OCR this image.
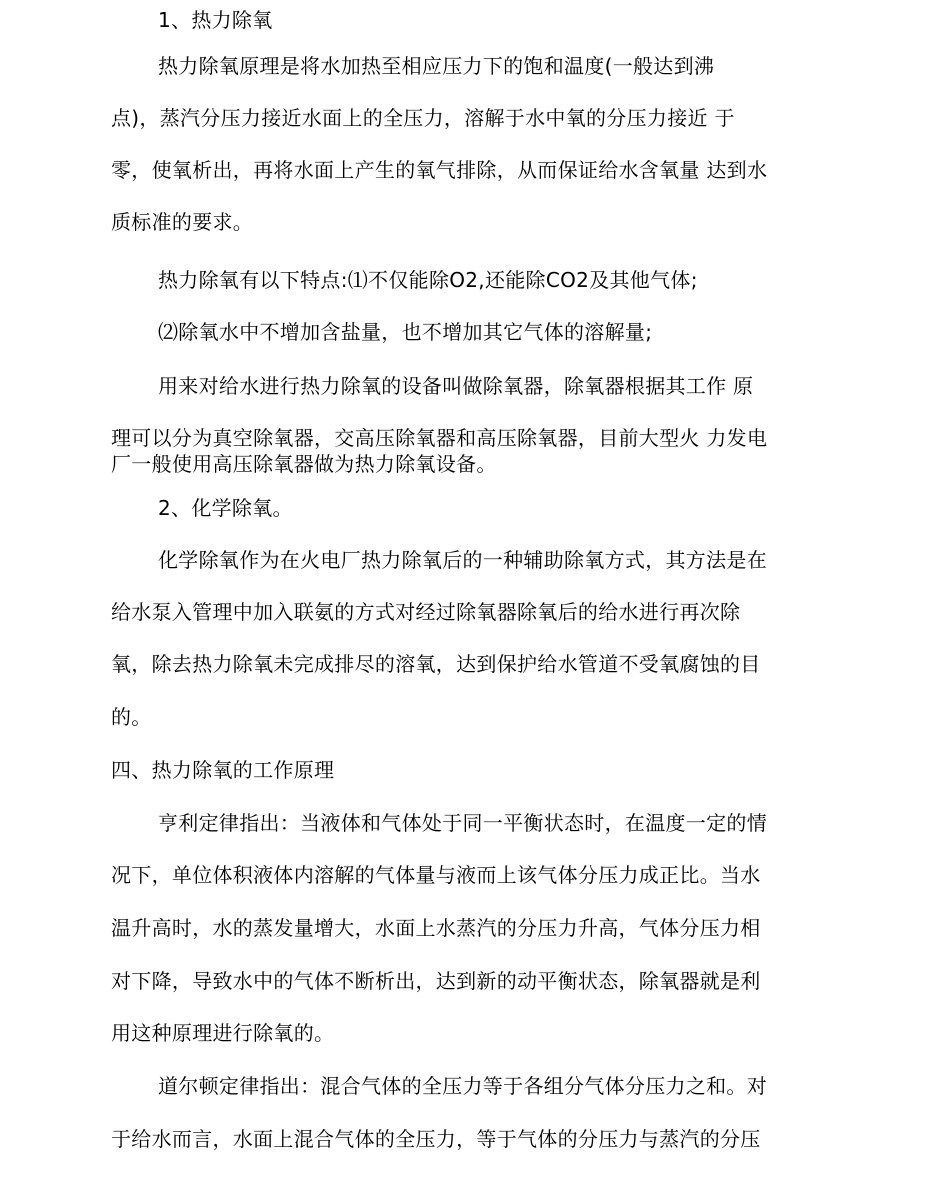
1、热力除氧
热力除氧原理是将水加热至相应压力下的饱和温度(一般达到沸
点)，蒸汽分压力接近水面上的全压力，溶解于水中氧的分压力接近 于
零，使氧析出，再将水面上产生的氧气排除，从而保证给水含氧量 达到水
质标准的要求。
热力除氧有以下特点:⑴不仅能除O2,还能除CO2及其他气体;
⑵除氧水中不增加含盐量，也不增加其它气体的溶解量;
用来对给水进行热力除氧的设备叫做除氧器，除氧器根据其工作 原
理可以分为真空除氧器，交高压除氧器和高压除氧器，目前大型火 力发电
厂一般使用高压除氧器做为热力除氧设备。
2、化学除氧。
化学除氧作为在火电厂热力除氧后的一种辅助除氧方式，其方法是在
给水泵入管理中加入联氨的方式对经过除氧器除氧后的给水进行再次除
氧，除去热力除氧未完成排尽的溶氧，达到保护给水管道不受氧腐蚀的目
的。
四、热力除氧的工作原理
亨利定律指出：当液体和气体处于同一平衡状态时，在温度一定的情
况下，单位体积液体内溶解的气体量与液而上该气体分压力成正比。当水
温升高时，水的蒸发量增大，水面上水蒸汽的分压力升高，气体分压力相
对下降，导致水中的气体不断析出，达到新的动平衡状态，除氧器就是利
用这种原理进行除氧的。
道尔顿定律指出：混合气体的全压力等于各组分气体分压力之和。对
于给水而言，水面上混合气体的全压力，等于气体的分压力与蒸汽的分压
